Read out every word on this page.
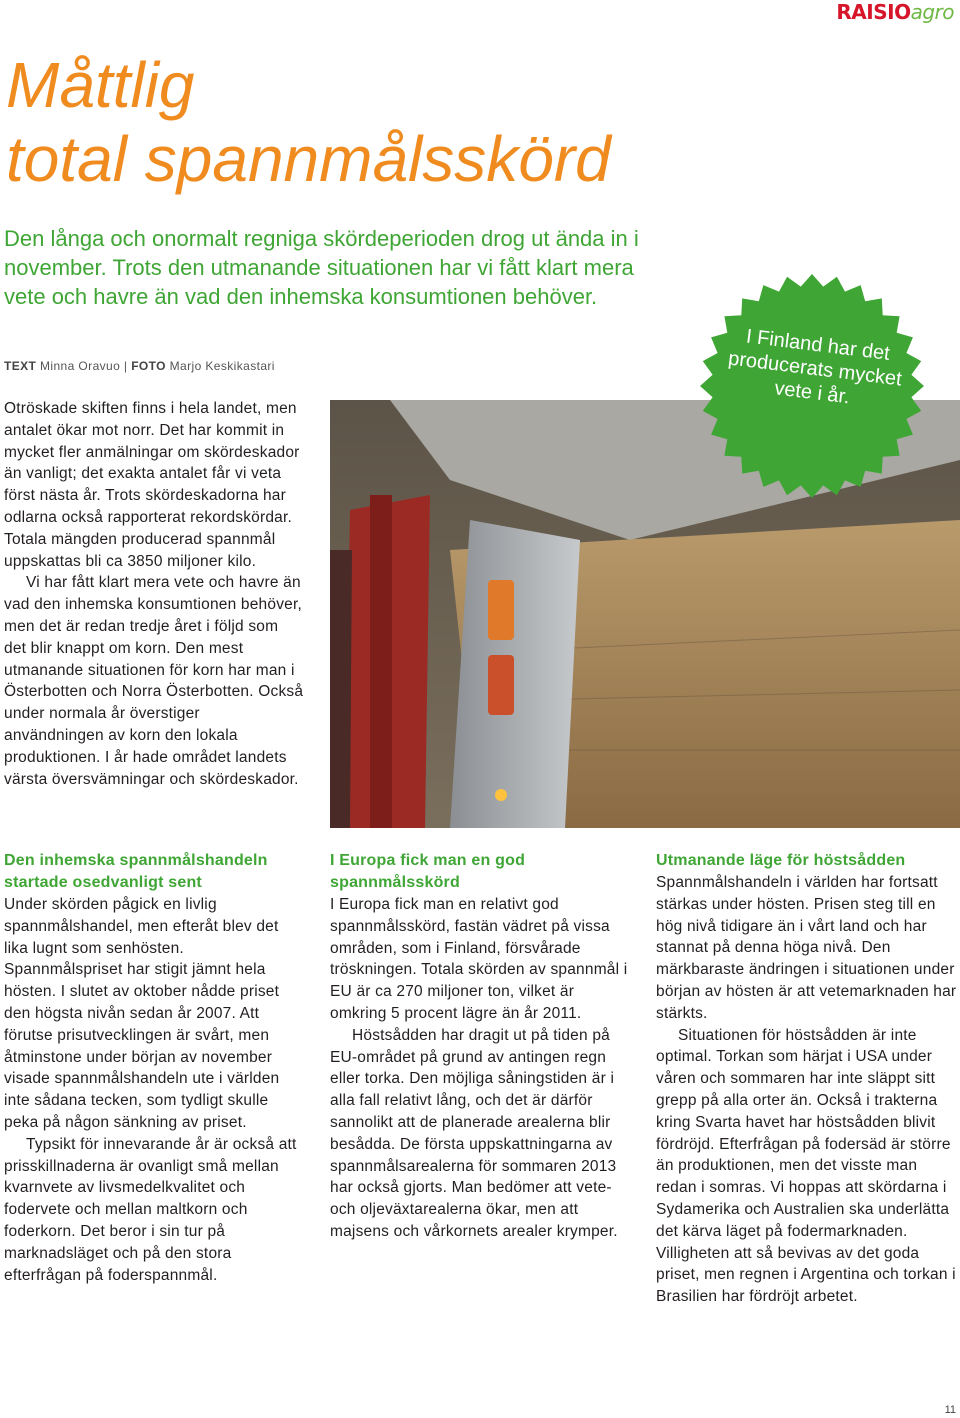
RAISIOagro
Måttlig
total spannmålsskörd

Den långa och onormalt regniga skördeperioden drog ut ända in i november. Trots den utmanande situationen har vi fått klart mera vete och havre än vad den inhemska konsumtionen behöver.

TEXT Minna Oravuo | FOTO Marjo Keskikastari

Otröskade skiften finns i hela landet, men antalet ökar mot norr. Det har kommit in mycket fler anmälningar om skördeskador än vanligt; det exakta antalet får vi veta först nästa år. Trots skördeskadorna har odlarna också rapporterat rekordskördar. Totala mängden producerad spannmål uppskattas bli ca 3850 miljoner kilo.

Vi har fått klart mera vete och havre än vad den inhemska konsumtionen behöver, men det är redan tredje året i följd som det blir knappt om korn. Den mest utmanande situationen för korn har man i Österbotten och Norra Österbotten. Också under normala år överstiger användningen av korn den lokala produktionen. I år hade området landets värsta översvämningar och skördeskador.

I Finland har det producerats mycket vete i år.

Den inhemska spannmålshandeln startade osedvanligt sent

Under skörden pågick en livlig spannmålshandel, men efteråt blev det lika lugnt som senhösten. Spannmålspriset har stigit jämnt hela hösten. I slutet av oktober nådde priset den högsta nivån sedan år 2007. Att förutse prisutvecklingen är svårt, men åtminstone under början av november visade spannmålshandeln ute i världen inte sådana tecken, som tydligt skulle peka på någon sänkning av priset.

Typsikt för innevarande år är också att prisskillnaderna är ovanligt små mellan kvarnvete av livsmedelkvalitet och fodervete och mellan maltkorn och foderkorn. Det beror i sin tur på marknadsläget och på den stora efterfrågan på foderspannmål.

I Europa fick man en god spannmålsskörd

I Europa fick man en relativt god spannmålsskörd, fastän vädret på vissa områden, som i Finland, försvårade tröskningen. Totala skörden av spannmål i EU är ca 270 miljoner ton, vilket är omkring 5 procent lägre än år 2011.

Höstsådden har dragit ut på tiden på EU-området på grund av antingen regn eller torka. Den möjliga såningstiden är i alla fall relativt lång, och det är därför sannolikt att de planerade arealerna blir besådda. De första uppskattningarna av spannmålsarealerna för sommaren 2013 har också gjorts. Man bedömer att vete- och oljeväxtarealerna ökar, men att majsens och vårkornets arealer krymper.

Utmanande läge för höstsådden

Spannmålshandeln i världen har fortsatt stärkas under hösten. Prisen steg till en hög nivå tidigare än i vårt land och har stannat på denna höga nivå. Den märkbaraste ändringen i situationen under början av hösten är att vetemarknaden har stärkts.

Situationen för höstsådden är inte optimal. Torkan som härjat i USA under våren och sommaren har inte släppt sitt grepp på alla orter än. Också i trakterna kring Svarta havet har höstsådden blivit fördröjd. Efterfrågan på fodersäd är större än produktionen, men det visste man redan i somras. Vi hoppas att skördarna i Sydamerika och Australien ska underlätta det kärva läget på fodermarknaden. Villigheten att så bevivas av det goda priset, men regnen i Argentina och torkan i Brasilien har fördröjt arbetet.

11
